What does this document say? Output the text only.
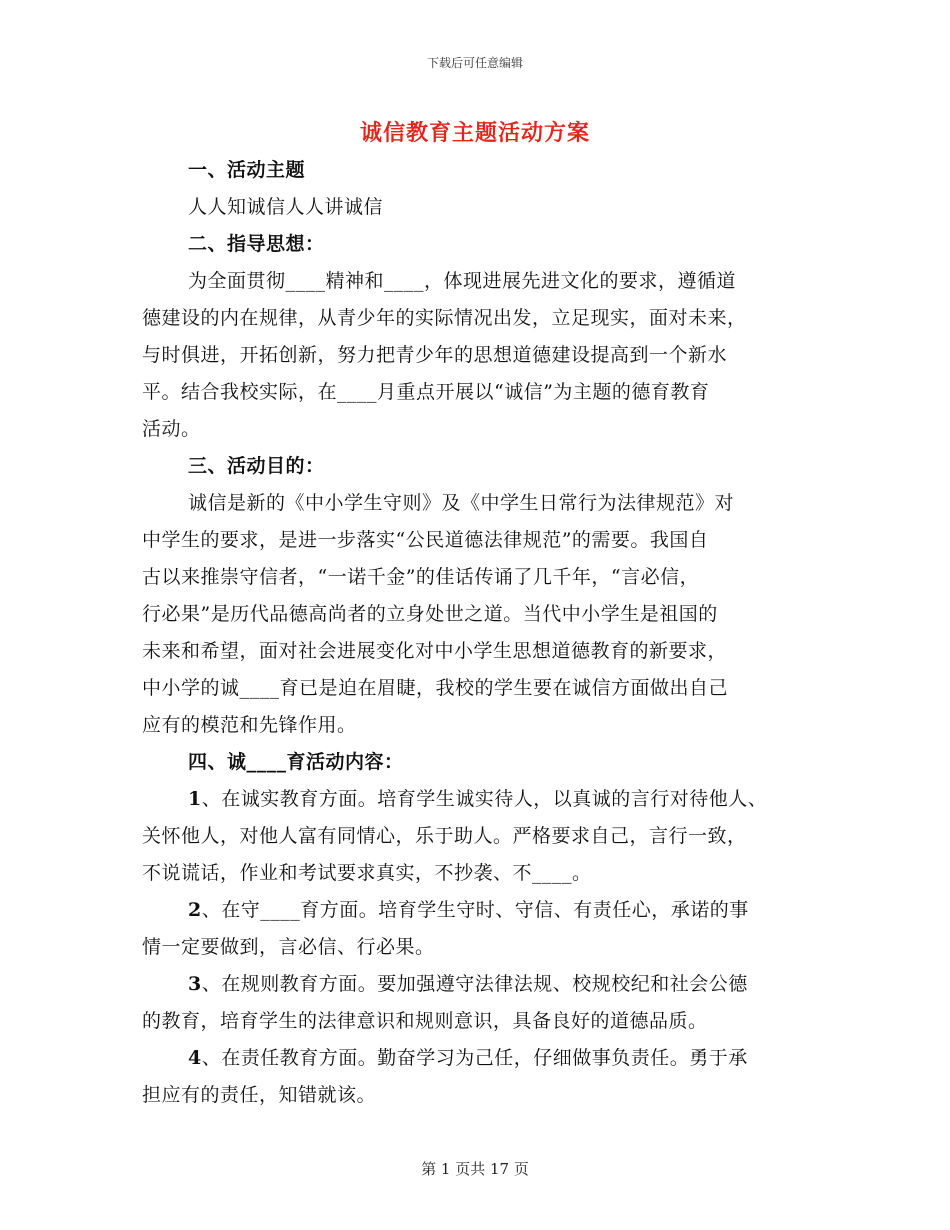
下载后可任意编辑
诚信教育主题活动方案
一、活动主题
人人知诚信人人讲诚信
二、指导思想：
为全面贯彻____精神和____，体现进展先进文化的要求，遵循道
德建设的内在规律，从青少年的实际情况出发，立足现实，面对未来，
与时俱进，开拓创新，努力把青少年的思想道德建设提高到一个新水
平。结合我校实际，在____月重点开展以“诚信”为主题的德育教育
活动。
三、活动目的：
诚信是新的《中小学生守则》及《中学生日常行为法律规范》对
中学生的要求，是进一步落实“公民道德法律规范”的需要。我国自
古以来推崇守信者，“一诺千金”的佳话传诵了几千年，“言必信，
行必果”是历代品德高尚者的立身处世之道。当代中小学生是祖国的
未来和希望，面对社会进展变化对中小学生思想道德教育的新要求，
中小学的诚____育已是迫在眉睫，我校的学生要在诚信方面做出自己
应有的模范和先锋作用。
四、诚____育活动内容：
1、在诚实教育方面。培育学生诚实待人，以真诚的言行对待他人、
关怀他人，对他人富有同情心，乐于助人。严格要求自己，言行一致，
不说谎话，作业和考试要求真实，不抄袭、不____。
2、在守____育方面。培育学生守时、守信、有责任心，承诺的事
情一定要做到，言必信、行必果。
3、在规则教育方面。要加强遵守法律法规、校规校纪和社会公德
的教育，培育学生的法律意识和规则意识，具备良好的道德品质。
4、在责任教育方面。勤奋学习为己任，仔细做事负责任。勇于承
担应有的责任，知错就该。
第 1 页共 17 页
